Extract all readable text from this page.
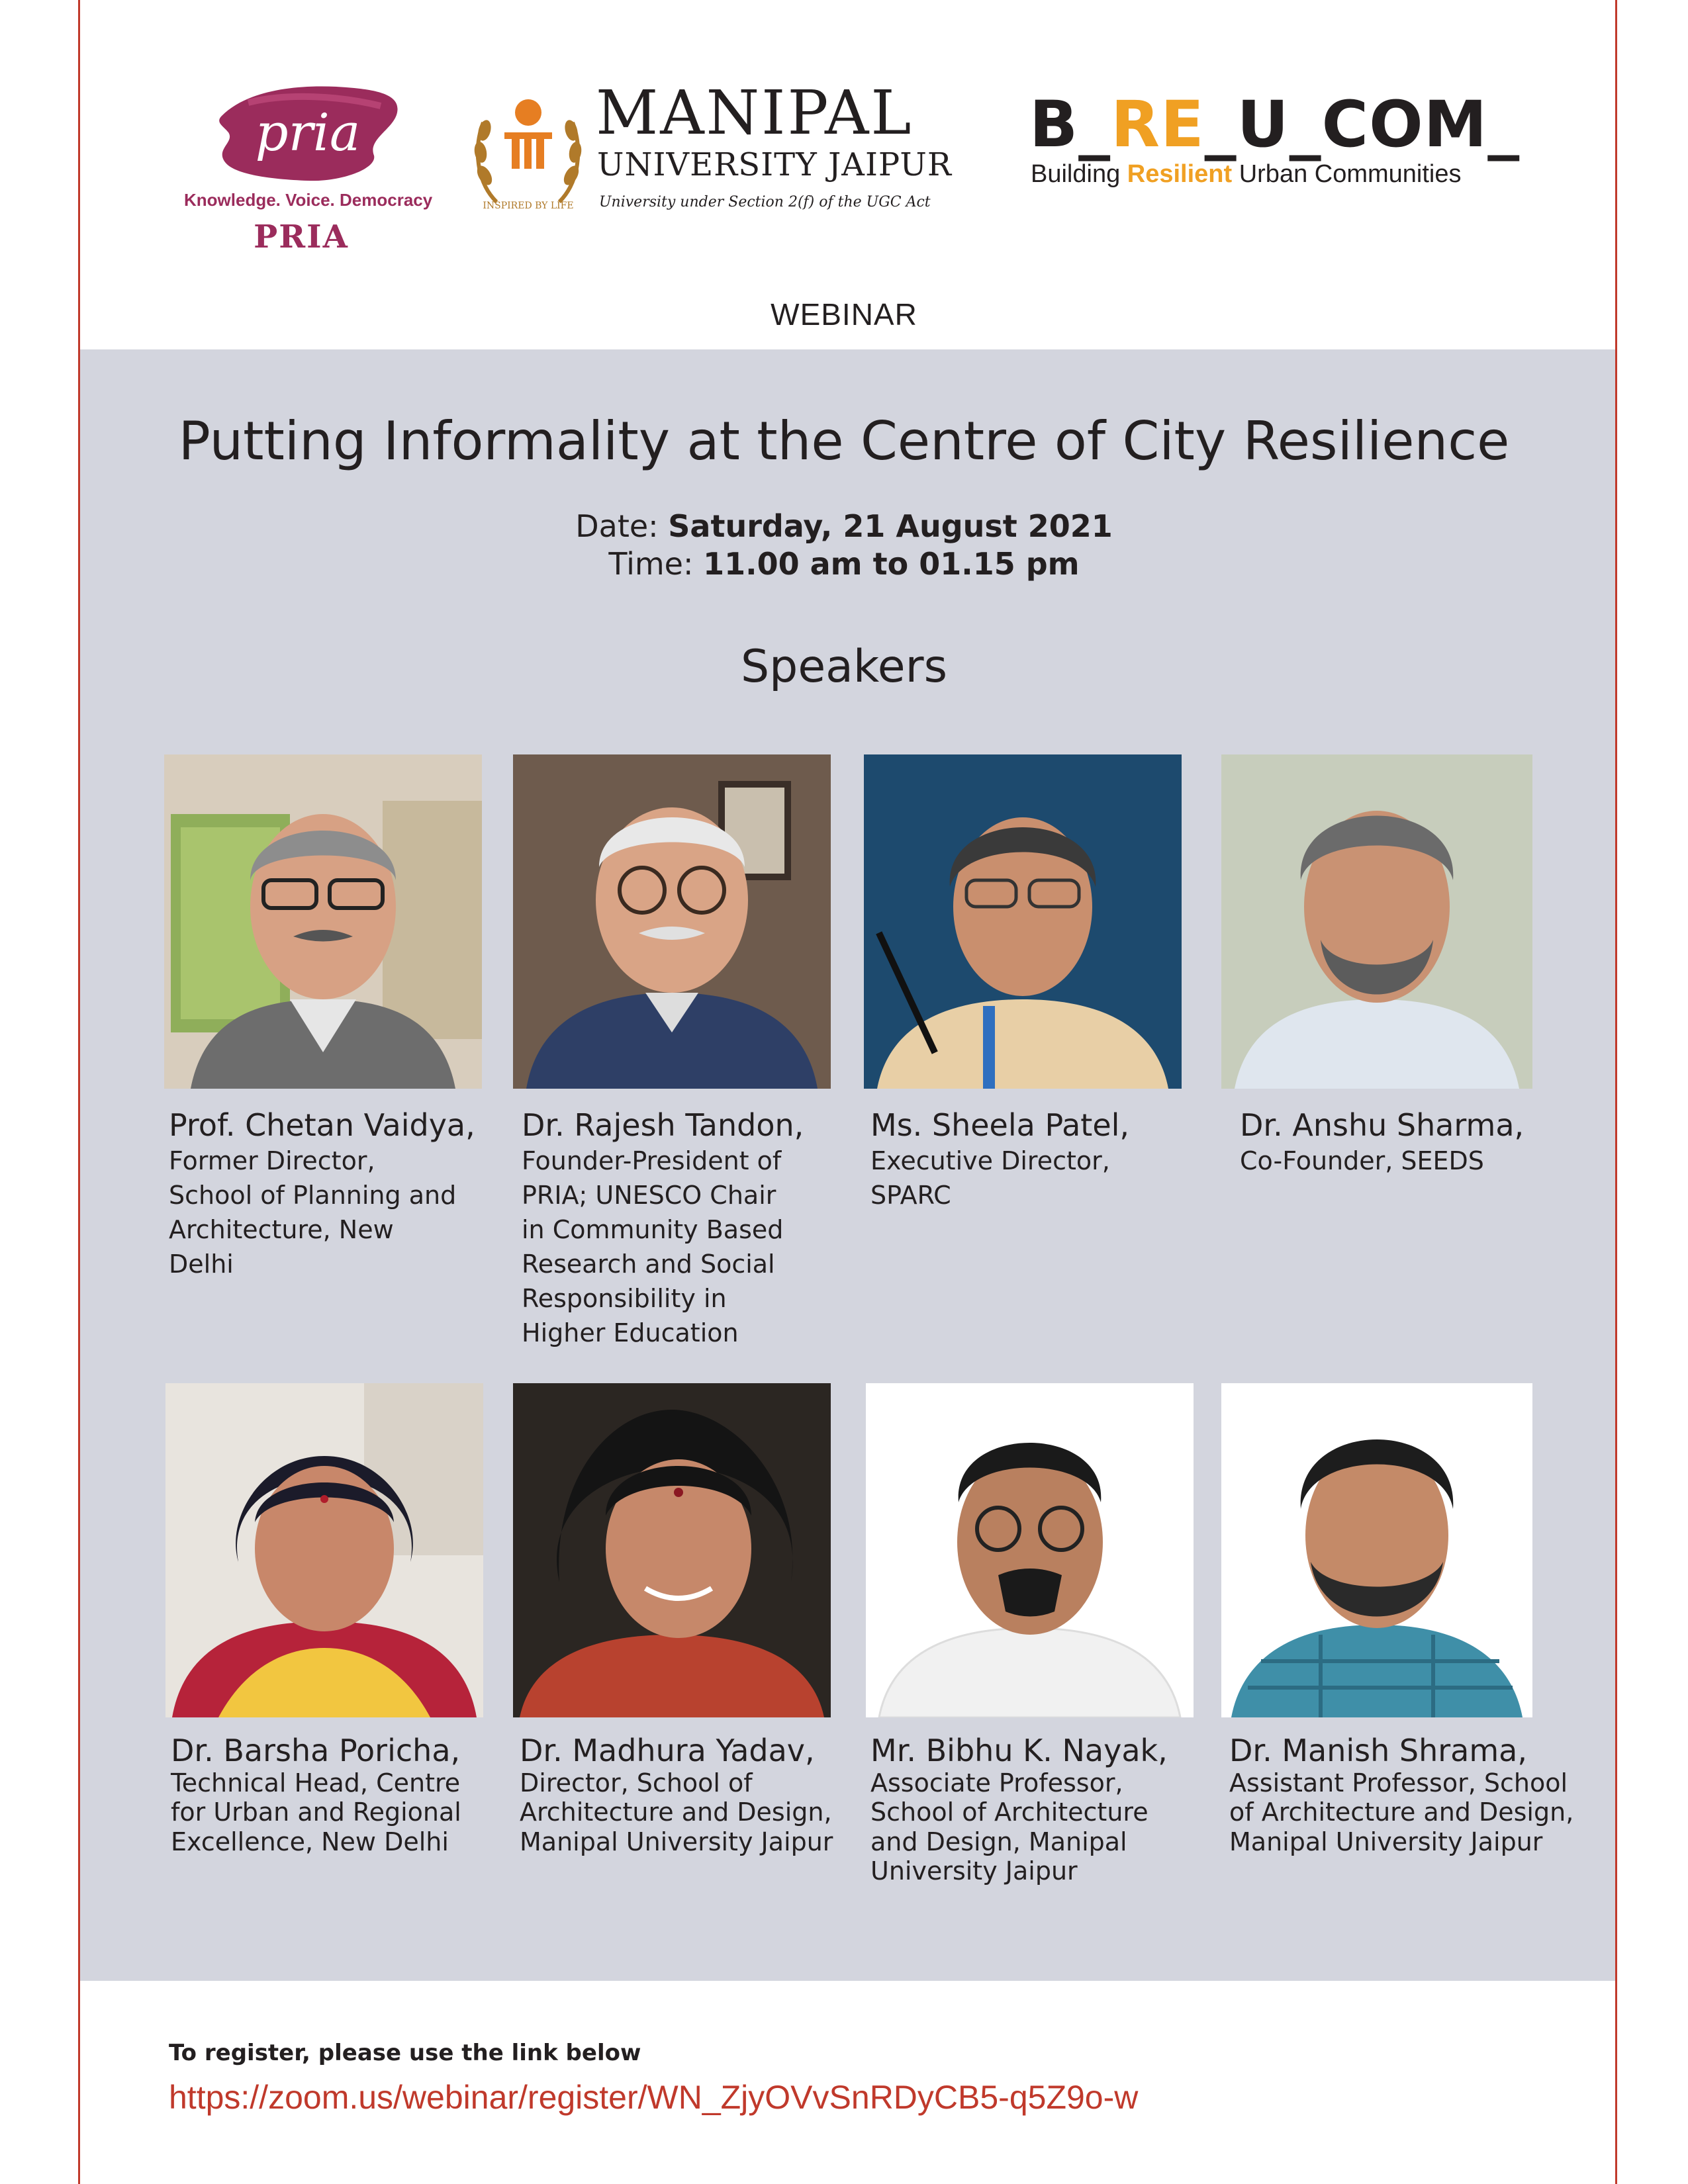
pria
Knowledge. Voice. Democracy
PRIA
INSPIRED BY LIFE
MANIPAL
UNIVERSITY JAIPUR
University under Section 2(f) of the UGC Act
B_RE_U_COM_
Building Resilient Urban Communities
WEBINAR
Putting Informality at the Centre of City Resilience
Date: Saturday, 21 August 2021
Time: 11.00 am to 01.15 pm
Speakers
Prof. Chetan Vaidya,
Former Director,
School of Planning and
Architecture, New
Delhi
Dr. Rajesh Tandon,
Founder-President of
PRIA; UNESCO Chair
in Community Based
Research and Social
Responsibility in
Higher Education
Ms. Sheela Patel,
Executive Director,
SPARC
Dr. Anshu Sharma,
Co-Founder, SEEDS
Dr. Barsha Poricha,
Technical Head, Centre
for Urban and Regional
Excellence, New Delhi
Dr. Madhura Yadav,
Director, School of
Architecture and Design,
Manipal University Jaipur
Mr. Bibhu K. Nayak,
Associate Professor,
School of Architecture
and Design, Manipal
University Jaipur
Dr. Manish Shrama,
Assistant Professor, School
of Architecture and Design,
Manipal University Jaipur
To register, please use the link below
https://zoom.us/webinar/register/WN_ZjyOVvSnRDyCB5-q5Z9o-w
